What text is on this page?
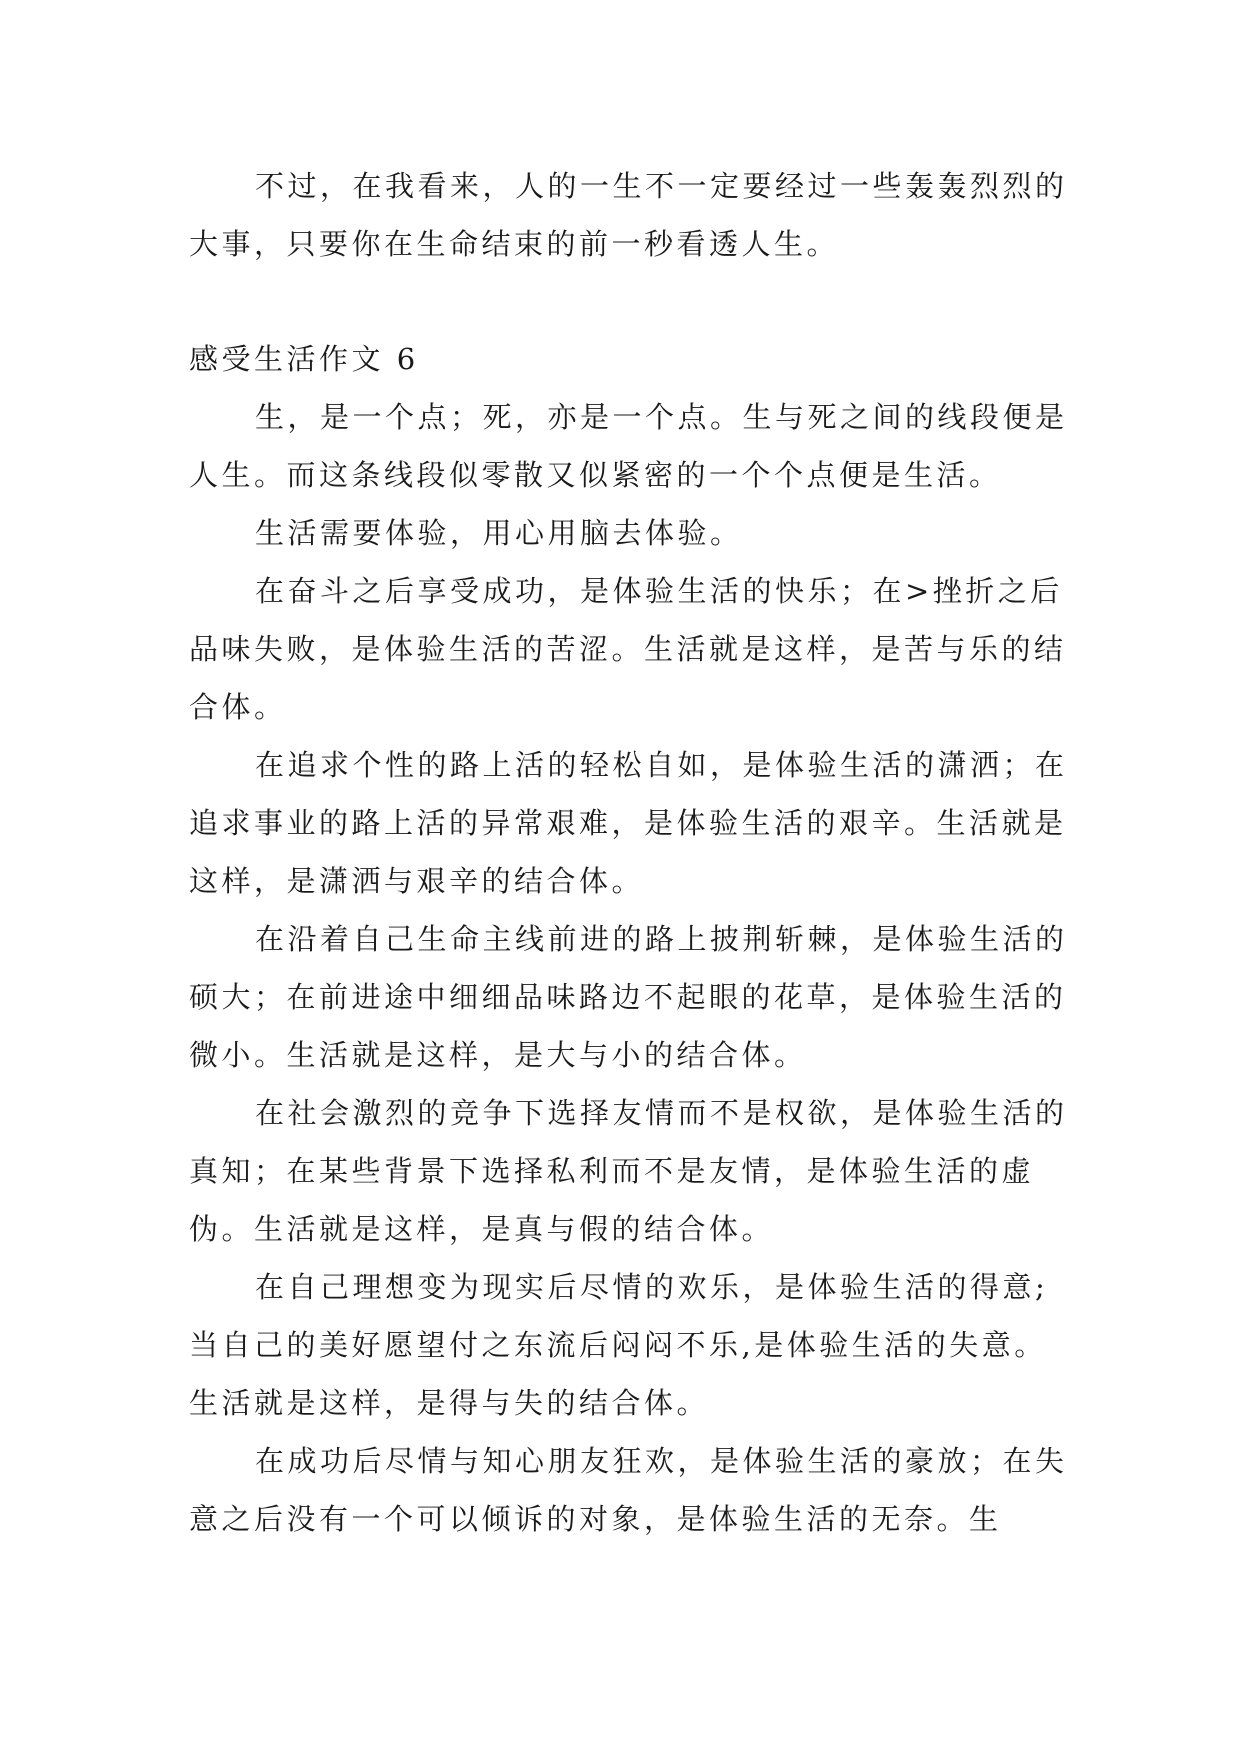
不过，在我看来，人的一生不一定要经过一些轰轰烈烈的大事，只要你在生命结束的前一秒看透人生。

感受生活作文 6

生，是一个点；死，亦是一个点。生与死之间的线段便是人生。而这条线段似零散又似紧密的一个个点便是生活。

生活需要体验，用心用脑去体验。

在奋斗之后享受成功，是体验生活的快乐；在>挫折之后品味失败，是体验生活的苦涩。生活就是这样，是苦与乐的结合体。

在追求个性的路上活的轻松自如，是体验生活的潇洒；在追求事业的路上活的异常艰难，是体验生活的艰辛。生活就是这样，是潇洒与艰辛的结合体。

在沿着自己生命主线前进的路上披荆斩棘，是体验生活的硕大；在前进途中细细品味路边不起眼的花草，是体验生活的微小。生活就是这样，是大与小的结合体。

在社会激烈的竞争下选择友情而不是权欲，是体验生活的真知；在某些背景下选择私利而不是友情，是体验生活的虚伪。生活就是这样，是真与假的结合体。

在自己理想变为现实后尽情的欢乐，是体验生活的得意;当自己的美好愿望付之东流后闷闷不乐,是体验生活的失意。生活就是这样，是得与失的结合体。

在成功后尽情与知心朋友狂欢，是体验生活的豪放；在失意之后没有一个可以倾诉的对象，是体验生活的无奈。生
